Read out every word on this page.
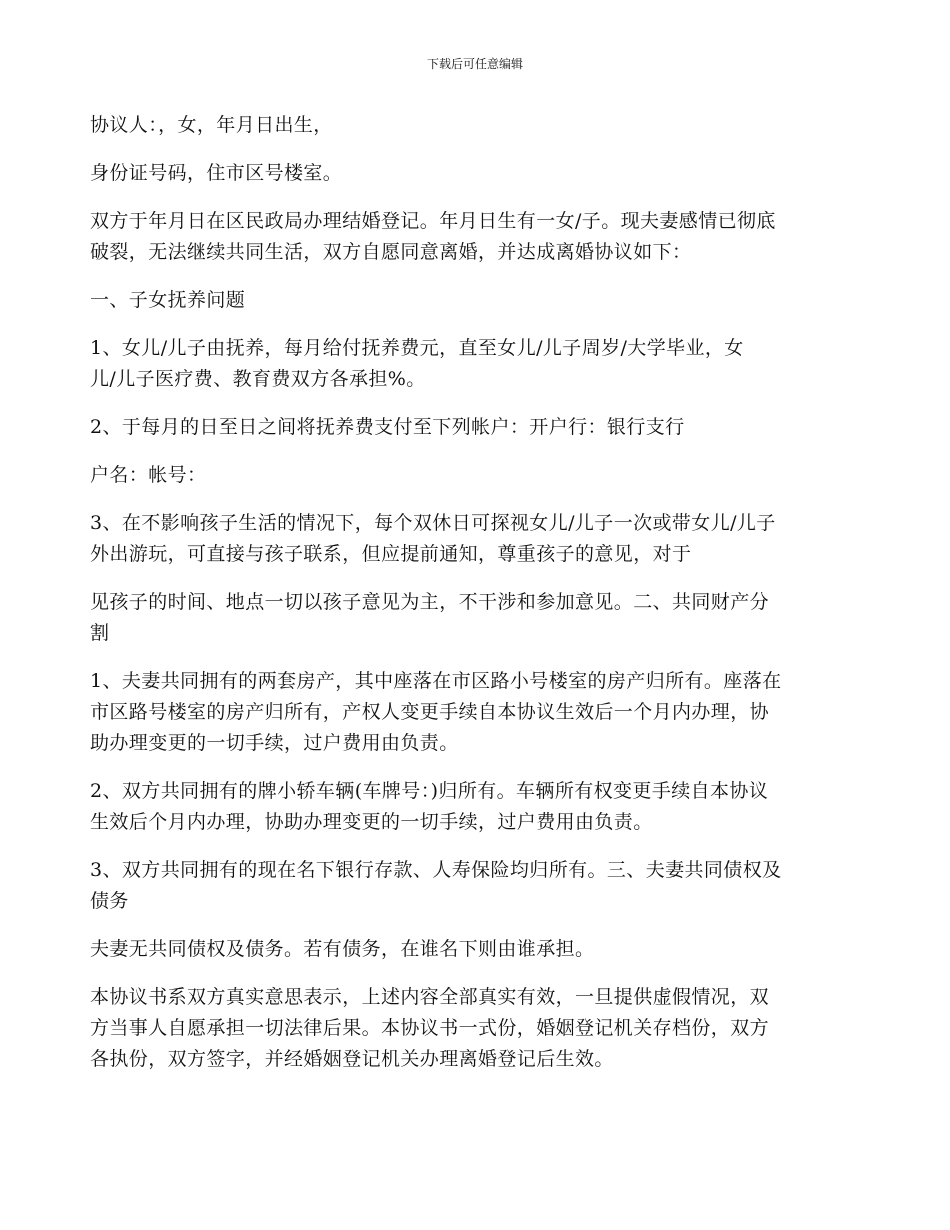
下载后可任意编辑

协议人：，女，年月日出生，

身份证号码，住市区号楼室。

双方于年月日在区民政局办理结婚登记。年月日生有一女/子。现夫妻感情已彻底
破裂，无法继续共同生活，双方自愿同意离婚，并达成离婚协议如下：

一、子女抚养问题

1、女儿/儿子由抚养，每月给付抚养费元，直至女儿/儿子周岁/大学毕业，女
儿/儿子医疗费、教育费双方各承担%。

2、于每月的日至日之间将抚养费支付至下列帐户：开户行：银行支行

户名：帐号：

3、在不影响孩子生活的情况下，每个双休日可探视女儿/儿子一次或带女儿/儿子
外出游玩，可直接与孩子联系，但应提前通知，尊重孩子的意见，对于

见孩子的时间、地点一切以孩子意见为主，不干涉和参加意见。二、共同财产分
割

1、夫妻共同拥有的两套房产，其中座落在市区路小号楼室的房产归所有。座落在
市区路号楼室的房产归所有，产权人变更手续自本协议生效后一个月内办理，协
助办理变更的一切手续，过户费用由负责。

2、双方共同拥有的牌小轿车辆(车牌号：)归所有。车辆所有权变更手续自本协议
生效后个月内办理，协助办理变更的一切手续，过户费用由负责。

3、双方共同拥有的现在名下银行存款、人寿保险均归所有。三、夫妻共同债权及
债务

夫妻无共同债权及债务。若有债务，在谁名下则由谁承担。

本协议书系双方真实意思表示，上述内容全部真实有效，一旦提供虚假情况，双
方当事人自愿承担一切法律后果。本协议书一式份，婚姻登记机关存档份，双方
各执份，双方签字，并经婚姻登记机关办理离婚登记后生效。
